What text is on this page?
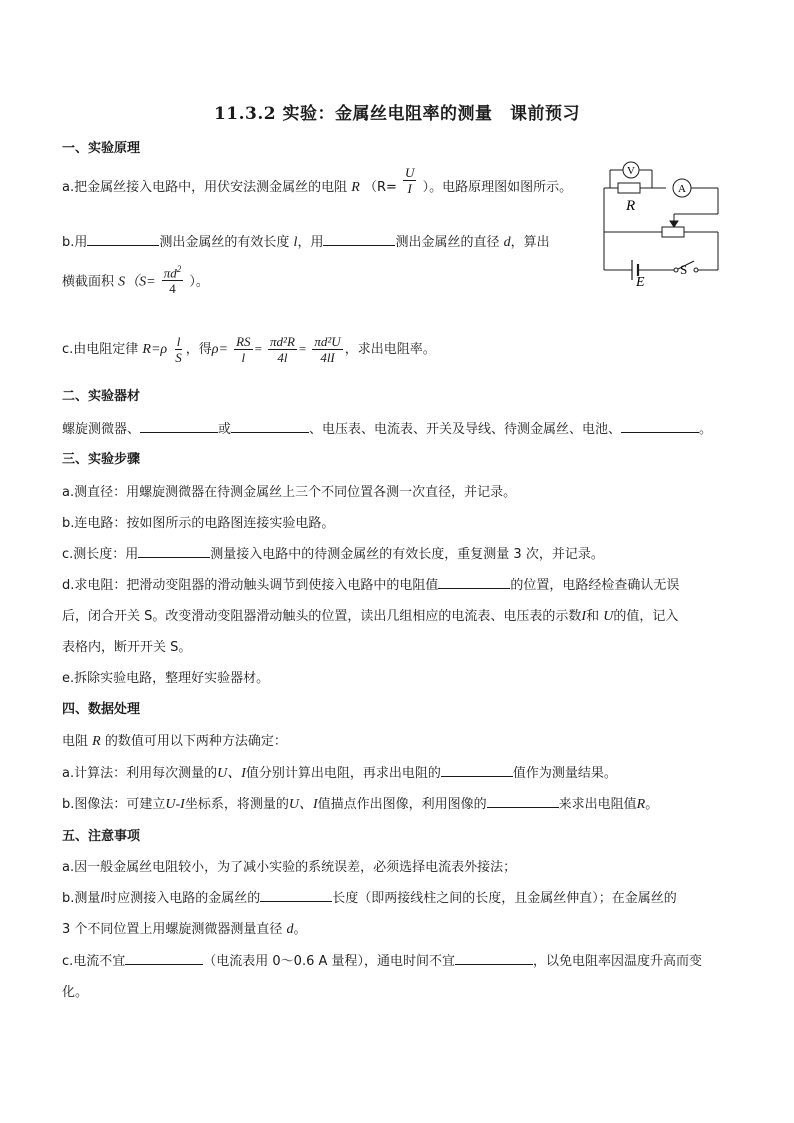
11.3.2 实验：金属丝电阻率的测量　课前预习
一、实验原理
a.把金属丝接入电路中，用伏安法测金属丝的电阻 R （$R= \frac{U}{I}$ ）。电路原理图如图所示。
b.用	测出金属丝的有效长度 l，用	测出金属丝的直径 d，算出
横截面积 $S(S= \frac{\pi d^2}{4}$ ）。
c.由电阻定律 $R=\rho \frac{l}{S}$ ，得$\rho= \frac{RS}{l} = \frac{\text{πd²R}}{4l} = \frac{\text{πd²U}}{4lI}$ ，求出电阻率。
V
A
R
E
S
二、实验器材
螺旋测微器、	或	、电压表、电流表、开关及导线、待测金属丝、电池、	。
三、实验步骤
a.测直径：用螺旋测微器在待测金属丝上三个不同位置各测一次直径，并记录。
b.连电路：按如图所示的电路图连接实验电路。
c.测长度：用	测量接入电路中的待测金属丝的有效长度，重复测量 3 次，并记录。
d.求电阻：把滑动变阻器的滑动触头调节到使接入电路中的电阻值	的位置，电路经检查确认无误
后，闭合开关 S。改变滑动变阻器滑动触头的位置，读出几组相应的电流表、电压表的示数I和 U的值，记入
表格内，断开开关 S。
e.拆除实验电路，整理好实验器材。
四、数据处理
电阻 R 的数值可用以下两种方法确定：
a.计算法：利用每次测量的U、I值分别计算出电阻，再求出电阻的	值作为测量结果。
b.图像法：可建立U-I坐标系，将测量的U、I值描点作出图像，利用图像的	来求出电阻值R。
五、注意事项
a.因一般金属丝电阻较小，为了减小实验的系统误差，必须选择电流表外接法；
b.测量l时应测接入电路的金属丝的	长度（即两接线柱之间的长度，且金属丝伸直）；在金属丝的
3 个不同位置上用螺旋测微器测量直径 d。
c.电流不宜	（电流表用 0～0.6 A 量程），通电时间不宜	，以免电阻率因温度升高而变
化。
